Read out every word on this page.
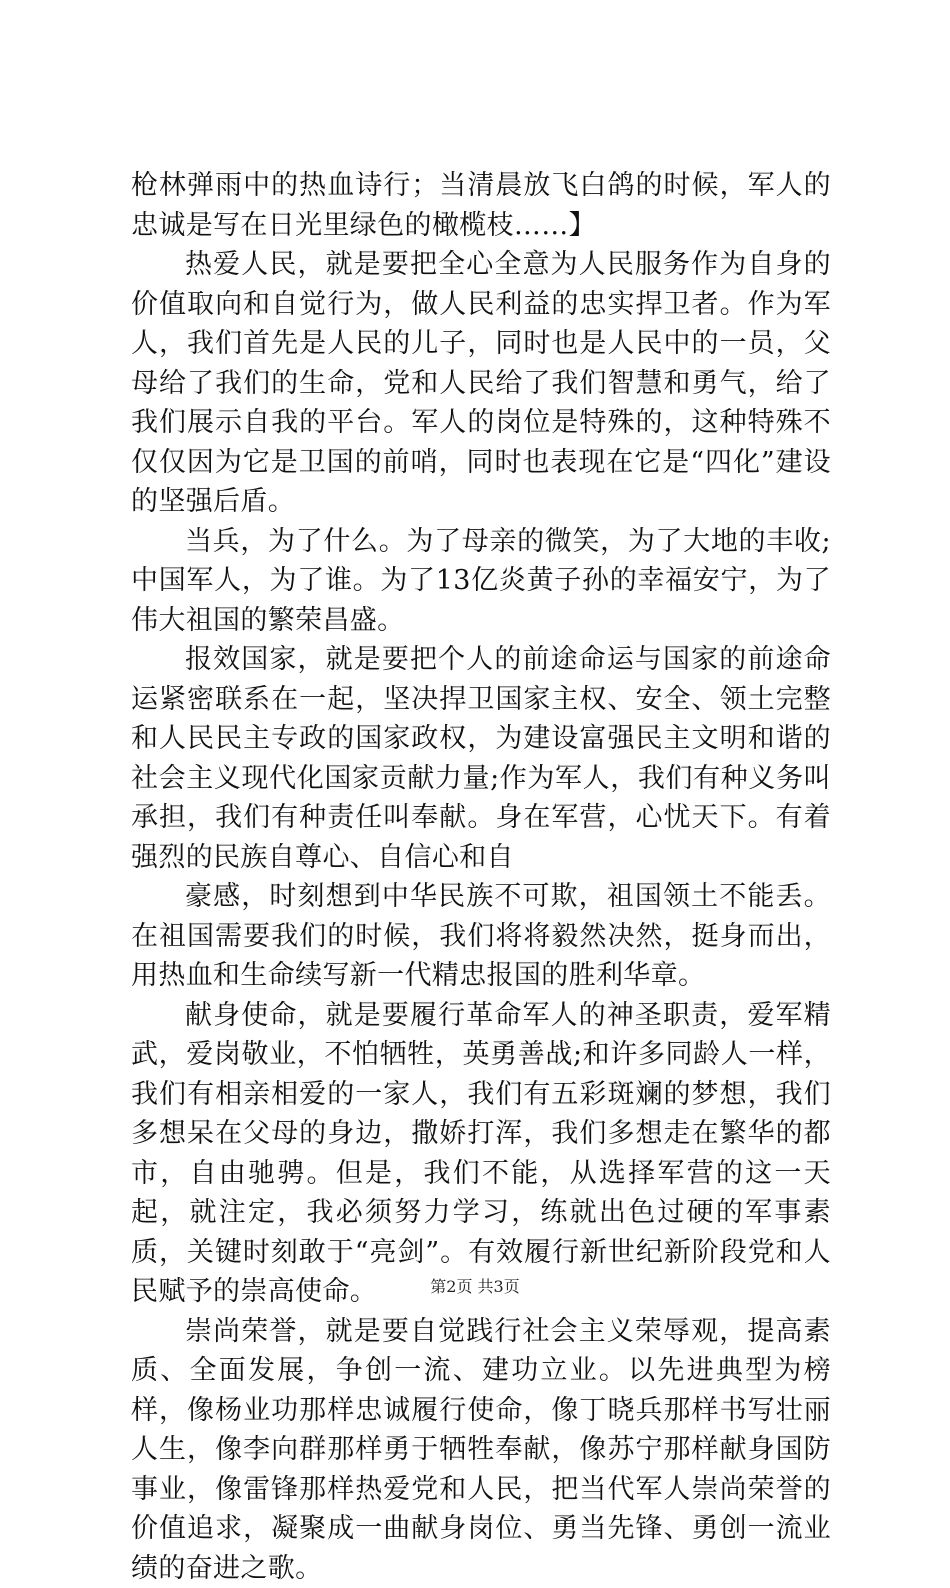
枪林弹雨中的热血诗行；当清晨放飞白鸽的时候，军人的忠诚是写在日光里绿色的橄榄枝……】

热爱人民，就是要把全心全意为人民服务作为自身的价值取向和自觉行为，做人民利益的忠实捍卫者。作为军人，我们首先是人民的儿子，同时也是人民中的一员，父母给了我们的生命，党和人民给了我们智慧和勇气，给了我们展示自我的平台。军人的岗位是特殊的，这种特殊不仅仅因为它是卫国的前哨，同时也表现在它是“四化”建设的坚强后盾。

当兵，为了什么。为了母亲的微笑，为了大地的丰收;中国军人，为了谁。为了13亿炎黄子孙的幸福安宁，为了伟大祖国的繁荣昌盛。

报效国家，就是要把个人的前途命运与国家的前途命运紧密联系在一起，坚决捍卫国家主权、安全、领土完整和人民民主专政的国家政权，为建设富强民主文明和谐的社会主义现代化国家贡献力量;作为军人，我们有种义务叫承担，我们有种责任叫奉献。身在军营，心忧天下。有着强烈的民族自尊心、自信心和自

豪感，时刻想到中华民族不可欺，祖国领土不能丢。在祖国需要我们的时候，我们将将毅然决然，挺身而出，用热血和生命续写新一代精忠报国的胜利华章。

献身使命，就是要履行革命军人的神圣职责，爱军精武，爱岗敬业，不怕牺牲，英勇善战;和许多同龄人一样，我们有相亲相爱的一家人，我们有五彩斑斓的梦想，我们多想呆在父母的身边，撒娇打浑，我们多想走在繁华的都市，自由驰骋。但是，我们不能，从选择军营的这一天起，就注定，我必须努力学习，练就出色过硬的军事素质，关键时刻敢于“亮剑”。有效履行新世纪新阶段党和人民赋予的崇高使命。

崇尚荣誉，就是要自觉践行社会主义荣辱观，提高素质、全面发展，争创一流、建功立业。以先进典型为榜样，像杨业功那样忠诚履行使命，像丁晓兵那样书写壮丽人生，像李向群那样勇于牺牲奉献，像苏宁那样献身国防事业，像雷锋那样热爱党和人民，把当代军人崇尚荣誉的价值追求，凝聚成一曲献身岗位、勇当先锋、勇创一流业绩的奋进之歌。

第2页 共3页
